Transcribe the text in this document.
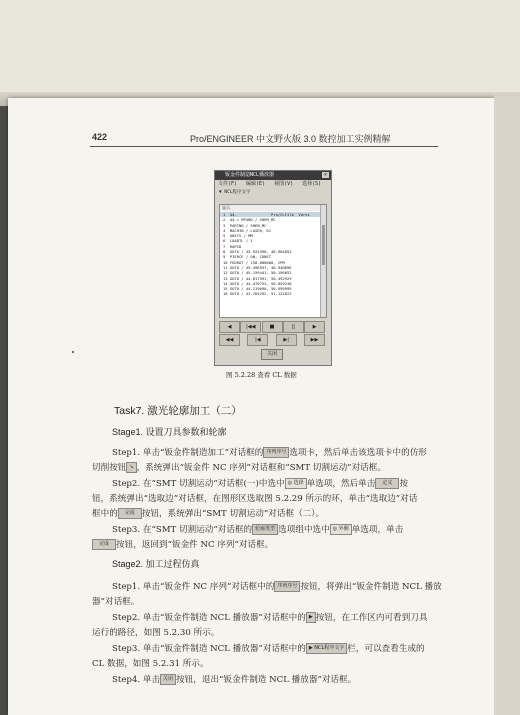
422	Pro/ENGINEER 中文野火版 3.0 数控加工实例精解
钣金件制造NCL播放器	×
文件(F) 编辑(E) 视图(V) 选择(S)
▼ NCL程序文字
显示
1  $$-               Pro/CLfile  Versi
2  $$-> MFGNO / SHEM_MC
3  PARTNO / SHEM_MC
4  MACHIN / LASER, 01
5  UNITS / MM
6  LOADTL / 1
7  RAPID
8  GOTO / 45.925398, 48.984852
9  PIERCE / ON, CONST
10 FEDRAT / 150.000000, IPM
11 GOTO / 45.496937, 48.940696
12 GOTO / 45.159441, 50.190052
13 GOTO / 44.817391, 50.492929
14 GOTO / 44.470752, 50.859240
15 GOTO / 44.119690, 50.999999
16 GOTO / 43.764292, 51.121822
◀	|◀◀	■	||	▶
◀◀	|◀	▶|	▶▶
关闭
图 5.2.28 查看 CL 数据
Task7. 激光轮廓加工（二）
Stage1. 设置刀具参数和轮廓
Step1. 单击“钣金件制造加工”对话框的 序列序号 选项卡，然后单击该选项卡中的仿形
切削按钮 ↘ ，系统弹出“钣金件 NC 序列”对话框和“SMT 切割运动”对话框。
Step2. 在“SMT 切割运动”对话框(一)中选中 ◎ 选择 单选项，然后单击 定义 按
钮，系统弹出“选取边”对话框，在图形区选取图 5.2.29 所示的环，单击“选取边”对话
框中的 完成 按钮，系统弹出“SMT 切割运动”对话框（二）。
Step3. 在“SMT 切割运动”对话框的 轮廓类型 选项组中选中 ◎ 外侧 单选项，单击
完成 按钮，返回到“钣金件 NC 序列”对话框。
Stage2. 加工过程仿真
Step1. 单击“钣金件 NC 序列”对话框中的 序列序号 按钮，将弹出“钣金件制造 NCL 播放
器”对话框。
Step2. 单击“钣金件制造 NCL 播放器”对话框中的 ▶ 按钮，在工作区内可看到刀具
运行的路径，如图 5.2.30 所示。
Step3. 单击“钣金件制造 NCL 播放器”对话框中的 ▶ NCL程序文字 栏，可以查看生成的
CL 数据，如图 5.2.31 所示。
Step4. 单击 关闭 按钮，退出“钣金件制造 NCL 播放器”对话框。
